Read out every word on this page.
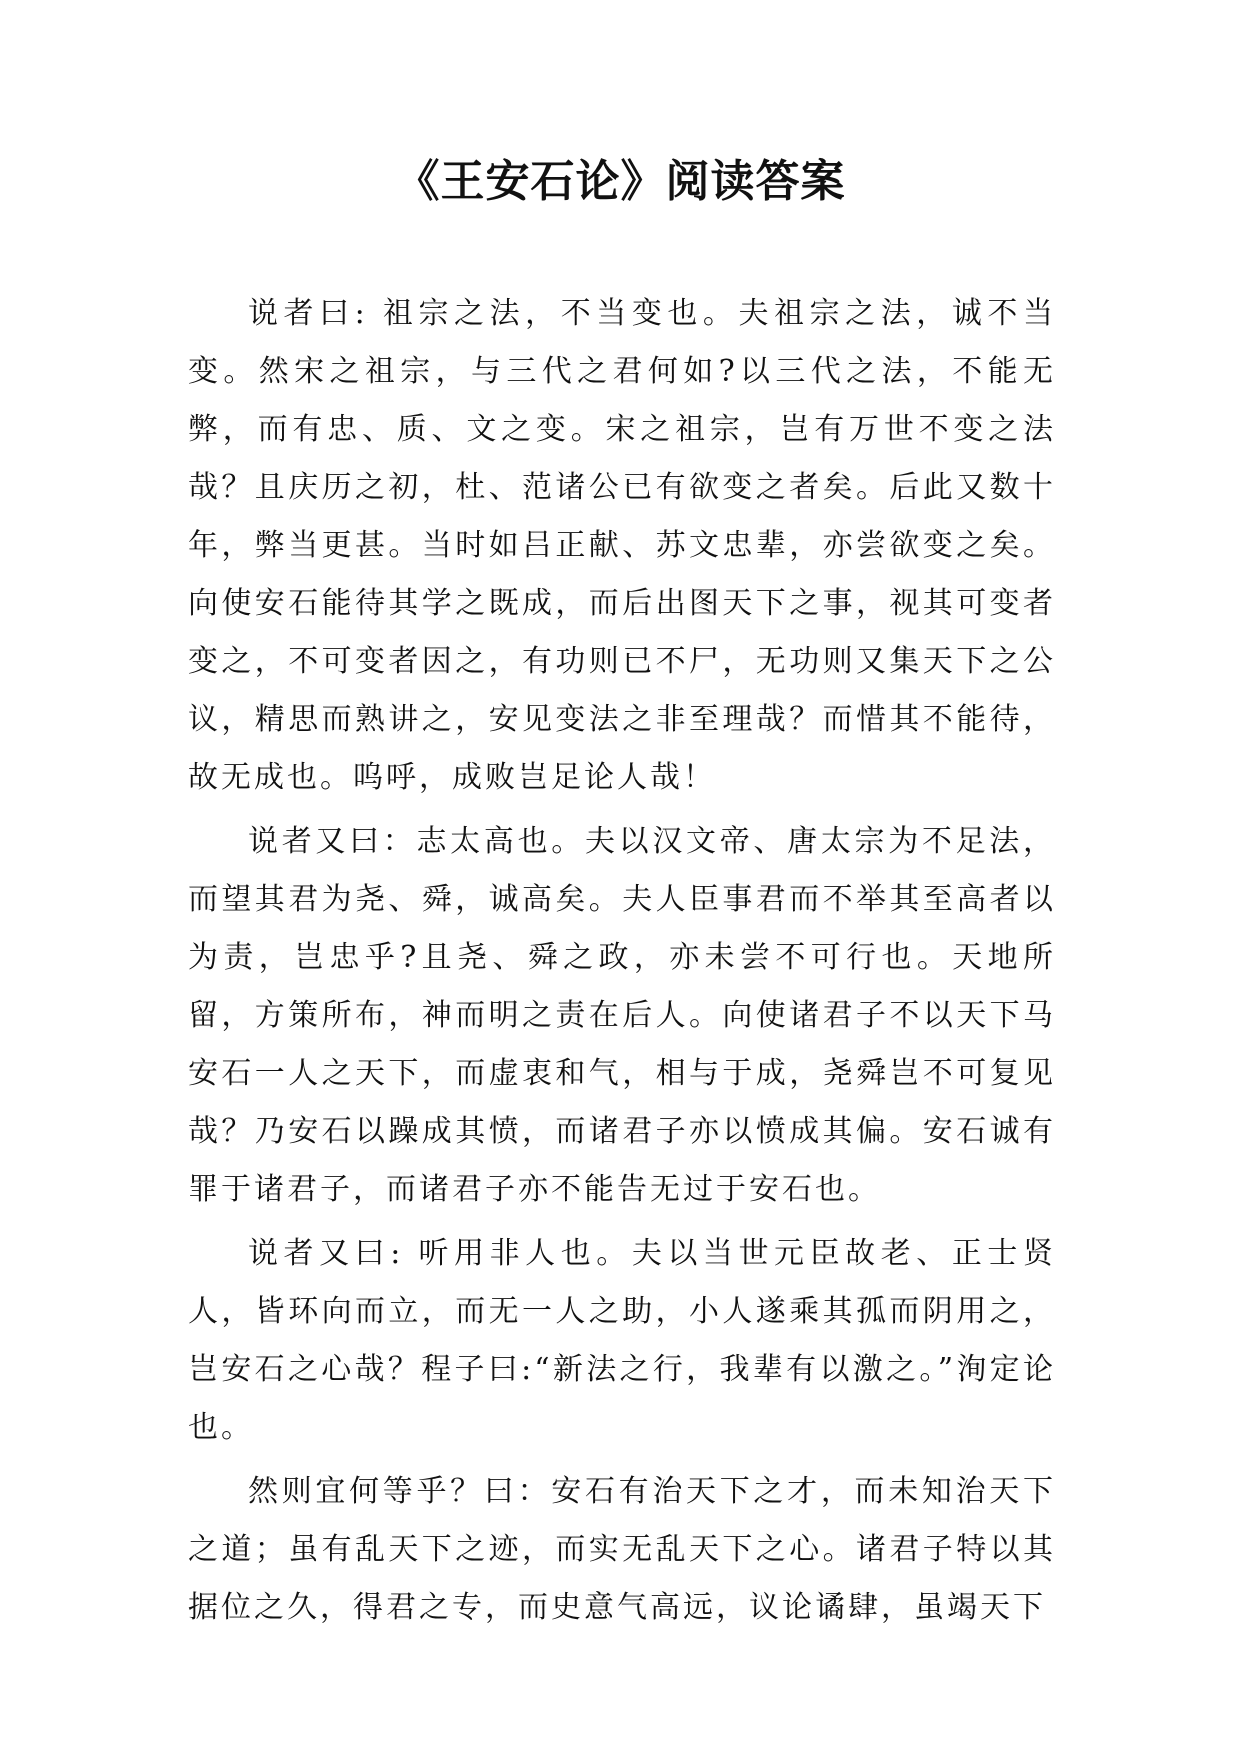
《王安石论》阅读答案

说者曰: 祖宗之法，不当变也。夫祖宗之法，诚不当变。然宋之祖宗，与三代之君何如?以三代之法，不能无弊，而有忠、质、文之变。宋之祖宗，岂有万世不变之法哉？且庆历之初，杜、范诸公已有欲变之者矣。后此又数十年，弊当更甚。当时如吕正献、苏文忠辈，亦尝欲变之矣。向使安石能待其学之既成，而后出图天下之事，视其可变者变之，不可变者因之，有功则已不尸，无功则又集天下之公议，精思而熟讲之，安见变法之非至理哉？而惜其不能待，故无成也。呜呼，成败岂足论人哉！

说者又曰：志太高也。夫以汉文帝、唐太宗为不足法，而望其君为尧、舜，诚高矣。夫人臣事君而不举其至高者以为责，岂忠乎?且尧、舜之政，亦未尝不可行也。天地所留，方策所布，神而明之责在后人。向使诸君子不以天下马安石一人之天下，而虚衷和气，相与于成，尧舜岂不可复见哉？乃安石以躁成其愤，而诸君子亦以愤成其偏。安石诚有罪于诸君子，而诸君子亦不能告无过于安石也。

说者又曰: 听用非人也。夫以当世元臣故老、正士贤人，皆环向而立，而无一人之助，小人遂乘其孤而阴用之，岂安石之心哉？程子曰:“新法之行，我辈有以激之。”洵定论也。

然则宜何等乎？曰：安石有治天下之才，而未知治天下之道；虽有乱天下之迹，而实无乱天下之心。诸君子特以其据位之久，得君之专，而史意气高远，议论谲肆，虽竭天下
